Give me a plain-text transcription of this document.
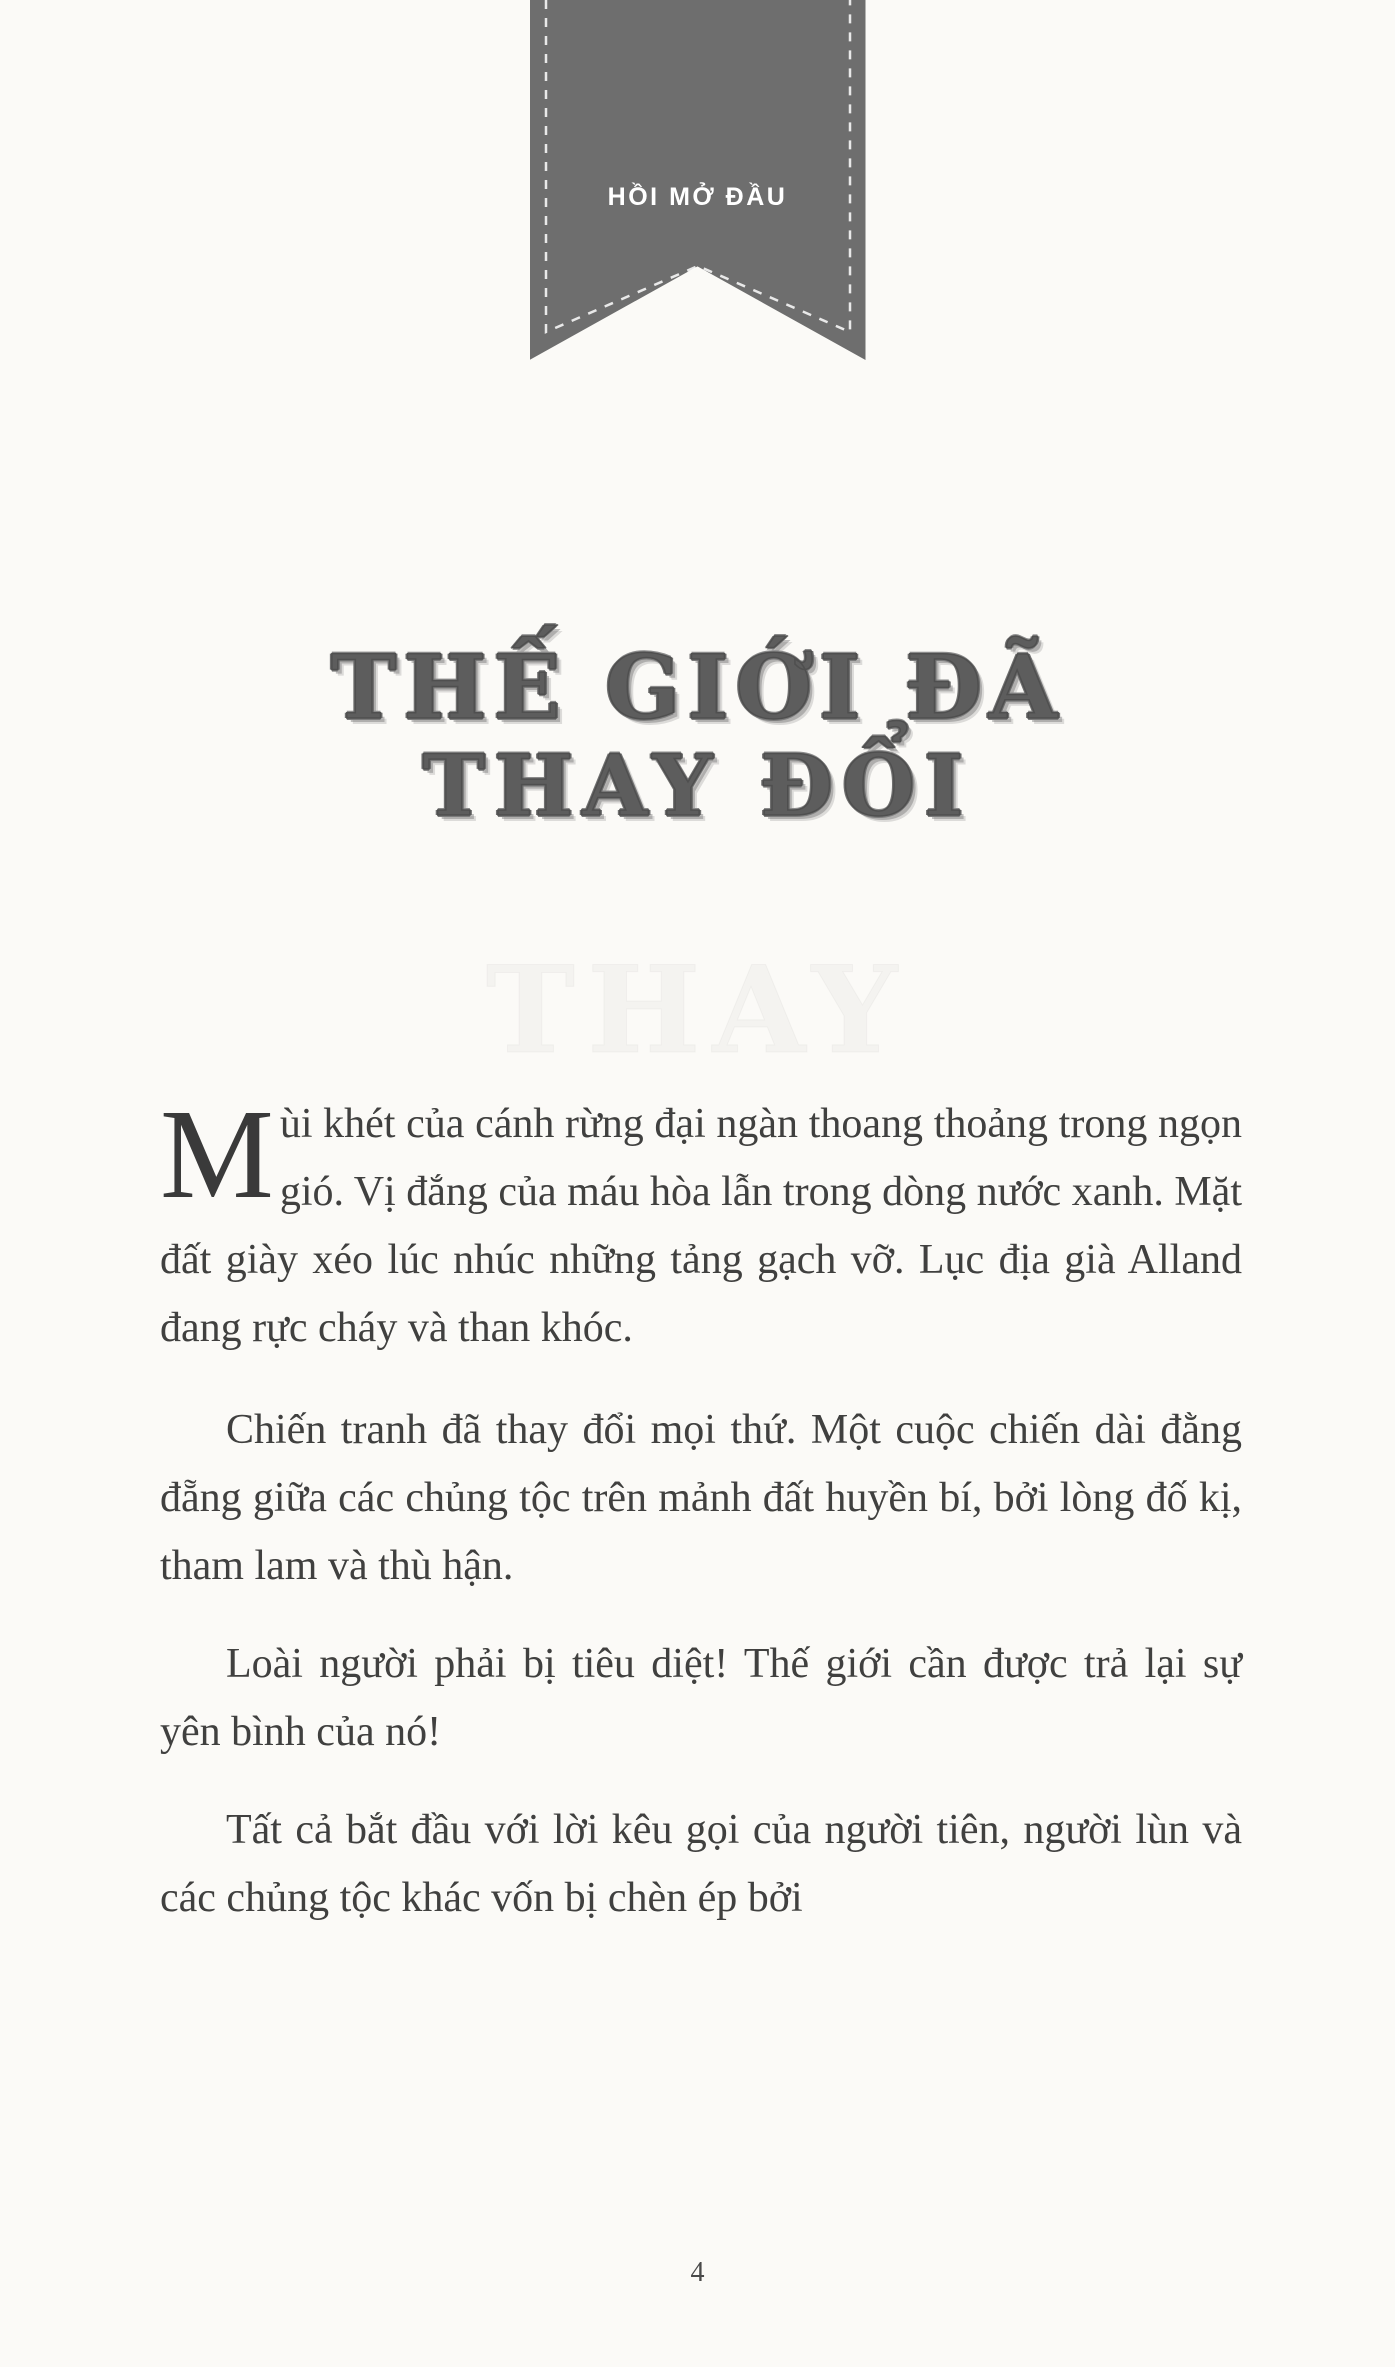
HỒI MỞ ĐẦU
THẾ GIỚI ĐÃ
THAY ĐỔI
THAY

Mùi khét của cánh rừng đại ngàn thoang thoảng trong ngọn gió. Vị đắng của máu hòa lẫn trong dòng nước xanh. Mặt đất giày xéo lúc nhúc những tảng gạch vỡ. Lục địa già Alland đang rực cháy và than khóc.

Chiến tranh đã thay đổi mọi thứ. Một cuộc chiến dài đằng đẵng giữa các chủng tộc trên mảnh đất huyền bí, bởi lòng đố kị, tham lam và thù hận.

Loài người phải bị tiêu diệt! Thế giới cần được trả lại sự yên bình của nó!

Tất cả bắt đầu với lời kêu gọi của người tiên, người lùn và các chủng tộc khác vốn bị chèn ép bởi

4
